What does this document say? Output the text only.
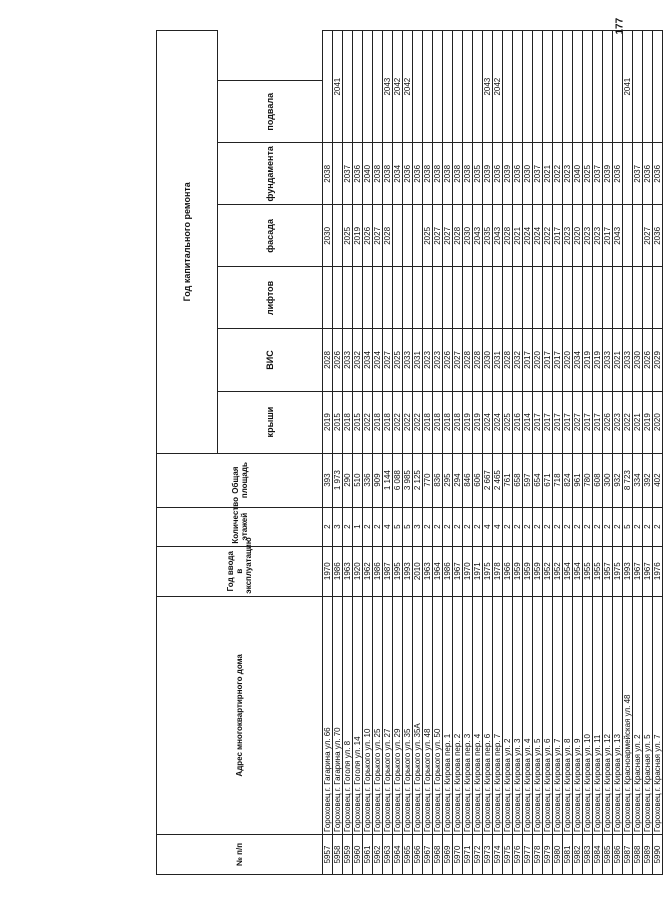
177
№ п/п	Адрес многоквартирного дома	Год ввода в эксплуатацию	Количество этажей	Общая площадь	Год капитального ремонта					
					крыши	ВИС	лифтов	фасада	фундамента	подвала
5957	Гороховец г. Гагарина ул. 66	1970	2	393	2019	2028		2030	2038	
5958	Гороховец г. Гагарина ул. 70	1986	3	1 973	2015	2026				2041
5959	Гороховец г. Гоголя ул. 8	1963	2	290	2018	2033		2025	2037	
5960	Гороховец г. Гоголя ул. 14	1920	1	510	2015	2032		2019	2036	
5961	Гороховец г. Горького ул. 10	1962	2	336	2022	2034		2026	2040	
5962	Гороховец г. Горького ул. 25	1986	2	909	2018	2024		2027	2038	
5963	Гороховец г. Горького ул. 27	1987	4	1 144	2018	2027		2028	2038	2043
5964	Гороховец г. Горького ул. 29	1995	5	6 088	2022	2025			2034	2042
5965	Гороховец г. Горького ул. 35	1993	5	3 985	2022	2033			2036	2042
5966	Гороховец г. Горького ул. 35А	2010	3	2 125	2022	2031			2036	
5967	Гороховец г. Горького ул. 48	1963	2	770	2018	2023		2025	2038	
5968	Гороховец г. Горького ул. 50	1964	2	836	2018	2023		2027	2038	
5969	Гороховец г. Кирова пер. 1	1986	2	295	2018	2026		2027	2038	
5970	Гороховец г. Кирова пер. 2	1967	2	294	2018	2027		2028	2038	
5971	Гороховец г. Кирова пер. 3	1970	2	846	2019	2028		2030	2038	
5972	Гороховец г. Кирова пер. 4	1971	2	606	2019	2028		2043	2035	
5973	Гороховец г. Кирова пер. 6	1975	4	2 667	2024	2030		2035	2039	2043
5974	Гороховец г. Кирова пер. 7	1978	4	2 465	2024	2031		2043	2036	2042
5975	Гороховец г. Кирова ул. 2	1966	2	761	2025	2028		2028	2039	
5976	Гороховец г. Кирова ул. 3	1959	2	658	2016	2032		2021	2036	
5977	Гороховец г. Кирова ул. 4	1959	2	597	2014	2017		2024	2030	
5978	Гороховец г. Кирова ул. 5	1959	2	654	2017	2020		2024	2037	
5979	Гороховец г. Кирова ул. 6	1952	2	671	2017	2017		2022	2021	
5980	Гороховец г. Кирова ул. 7	1952	2	718	2017	2017		2017	2022	
5981	Гороховец г. Кирова ул. 8	1954	2	824	2017	2020		2023	2023	
5982	Гороховец г. Кирова ул. 9	1954	2	961	2027	2034		2020	2040	
5983	Гороховец г. Кирова ул. 10	1955	2	780	2017	2019		2023	2025	
5984	Гороховец г. Кирова ул. 11	1955	2	608	2017	2019		2023	2037	
5985	Гороховец г. Кирова ул. 12	1957	2	300	2026	2033		2017	2039	
5986	Гороховец г. Кирова ул. 13	1975	2	932	2023	2021		2043	2036	
5987	Гороховец г. Красноармейская ул. 48	1993	5	8 723	2022	2033				2041
5988	Гороховец г. Красная ул. 2	1967	2	334	2021	2030			2037	
5989	Гороховец г. Красная ул. 5	1967	2	392	2019	2026		2027	2036	
5990	Гороховец г. Красная ул. 7	1976	2	402	2020	2029		2036	2036	
